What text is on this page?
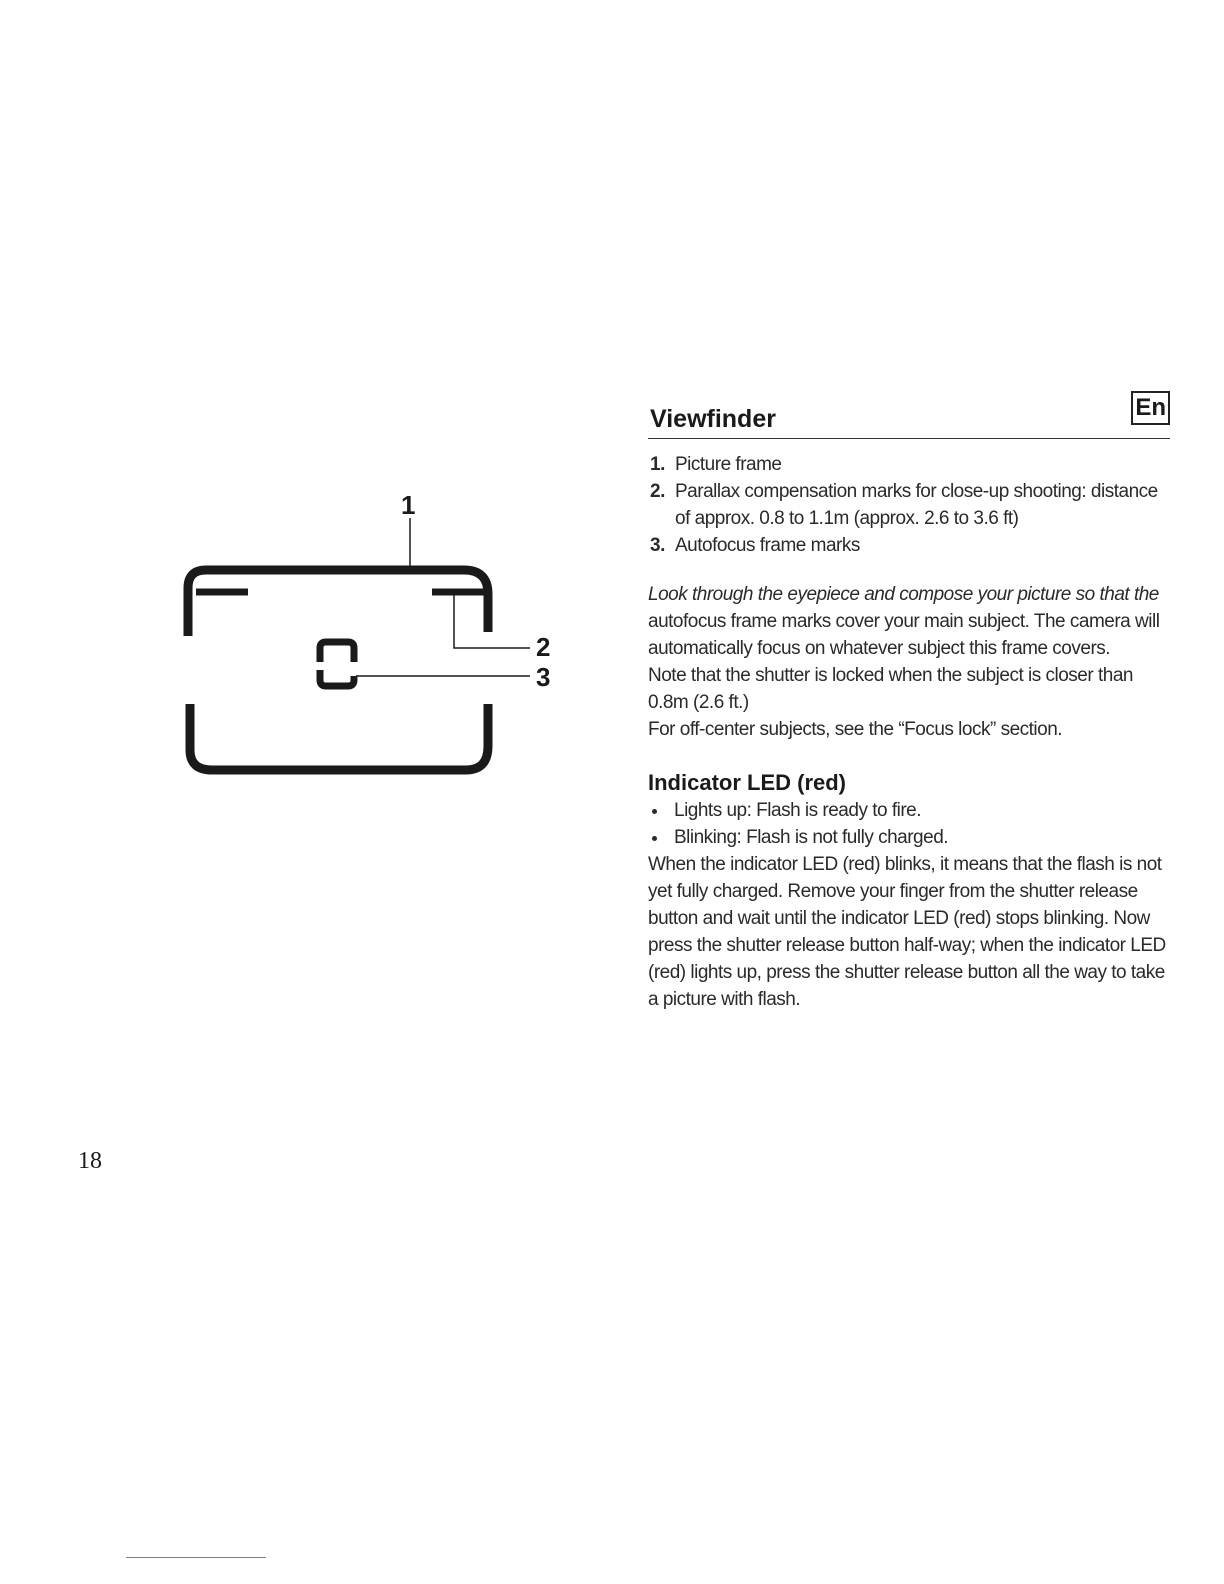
1
2
3
Viewfinder	En
1. Picture frame
2. Parallax compensation marks for close-up shooting: distance of approx. 0.8 to 1.1m (approx. 2.6 to 3.6 ft)
3. Autofocus frame marks

Look through the eyepiece and compose your picture so that the autofocus frame marks cover your main subject. The camera will automatically focus on whatever subject this frame covers.

Note that the shutter is locked when the subject is closer than 0.8m (2.6 ft.)

For off-center subjects, see the “Focus lock” section.

Indicator LED (red)
Lights up: Flash is ready to fire.
Blinking: Flash is not fully charged.

When the indicator LED (red) blinks, it means that the flash is not yet fully charged. Remove your finger from the shutter release button and wait until the indicator LED (red) stops blinking. Now press the shutter release button half-way; when the indicator LED (red) lights up, press the shutter release button all the way to take a picture with flash.

18
